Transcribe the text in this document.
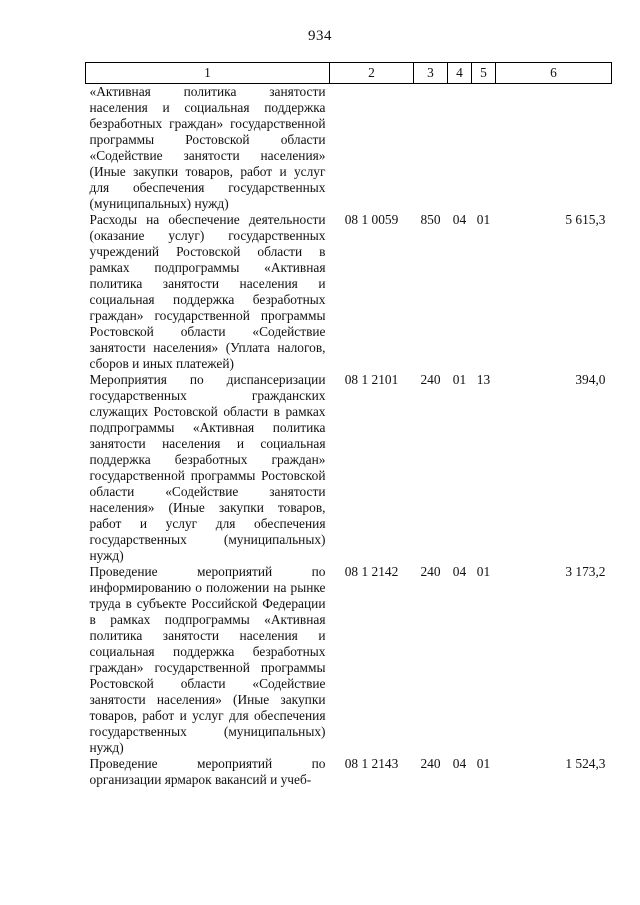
934
1	2	3	4	5	6
«Активная политика занятости населения и социальная поддержка безработных граждан» государственной программы Ростовской области «Содействие занятости населения» (Иные закупки товаров, работ и услуг для обеспечения государственных (муниципальных) нужд)					
Расходы на обеспечение деятельности (оказание услуг) государственных учреждений Ростовской области в рамках подпрограммы «Активная политика занятости населения и социальная поддержка безработных граждан» государственной программы Ростовской области «Содействие занятости населения» (Уплата налогов, сборов и иных платежей)	08 1 0059	850	04	01	5 615,3
Мероприятия по диспансеризации государственных гражданских служащих Ростовской области в рамках подпрограммы «Активная политика занятости населения и социальная поддержка безработных граждан» государственной программы Ростовской области «Содействие занятости населения» (Иные закупки товаров, работ и услуг для обеспечения государственных (муниципальных) нужд)	08 1 2101	240	01	13	394,0
Проведение мероприятий по информированию о положении на рынке труда в субъекте Российской Федерации в рамках подпрограммы «Активная политика занятости населения и социальная поддержка безработных граждан» государственной программы Ростовской области «Содействие занятости населения» (Иные закупки товаров, работ и услуг для обеспечения государственных (муниципальных) нужд)	08 1 2142	240	04	01	3 173,2
Проведение мероприятий по организации ярмарок вакансий и учеб-	08 1 2143	240	04	01	1 524,3
